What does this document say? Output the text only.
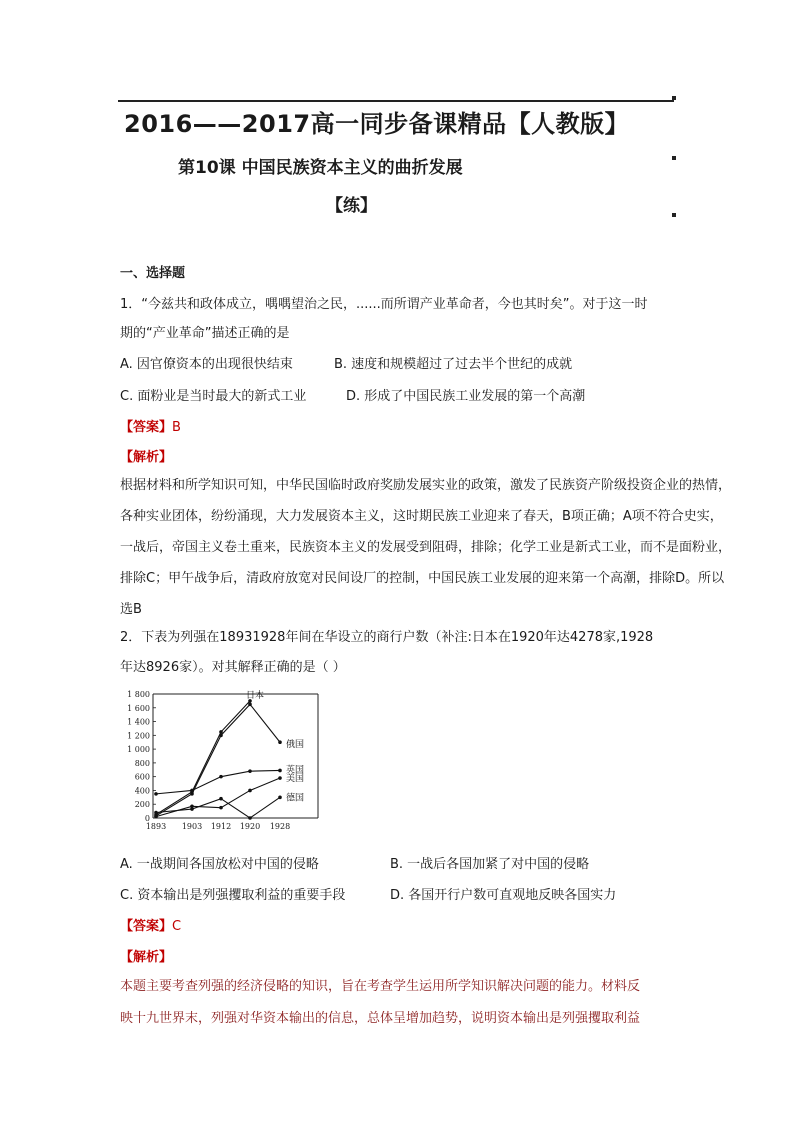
2016——2017高一同步备课精品【人教版】
第10课 中国民族资本主义的曲折发展
【练】
一、选择题
1．“今兹共和政体成立，喁喁望治之民，......而所谓产业革命者，今也其时矣”。对于这一时
期的“产业革命”描述正确的是
A. 因官僚资本的出现很快结束	B. 速度和规模超过了过去半个世纪的成就
C. 面粉业是当时最大的新式工业	D. 形成了中国民族工业发展的第一个高潮
【答案】B
【解析】
根据材料和所学知识可知，中华民国临时政府奖励发展实业的政策，激发了民族资产阶级投资企业的热情，
各种实业团体，纷纷涌现，大力发展资本主义，这时期民族工业迎来了春天，B项正确；A项不符合史实，
一战后，帝国主义卷土重来，民族资本主义的发展受到阻碍，排除；化学工业是新式工业，而不是面粉业，
排除C；甲午战争后，清政府放宽对民间设厂的控制，中国民族工业发展的迎来第一个高潮，排除D。所以
选B
2．下表为列强在18931928年间在华设立的商行户数（补注:日本在1920年达4278家,1928
年达8926家）。对其解释正确的是（ ）
0
200
400
600
800
1 000
1 200
1 400
1 600
1 800
1893 1903 1912 1920 1928
日本
俄国
英国
美国
德国
A. 一战期间各国放松对中国的侵略	B. 一战后各国加紧了对中国的侵略
C. 资本输出是列强攫取利益的重要手段	D. 各国开行户数可直观地反映各国实力
【答案】C
【解析】
本题主要考查列强的经济侵略的知识，旨在考查学生运用所学知识解决问题的能力。材料反
映十九世界末，列强对华资本输出的信息，总体呈增加趋势，说明资本输出是列强攫取利益
